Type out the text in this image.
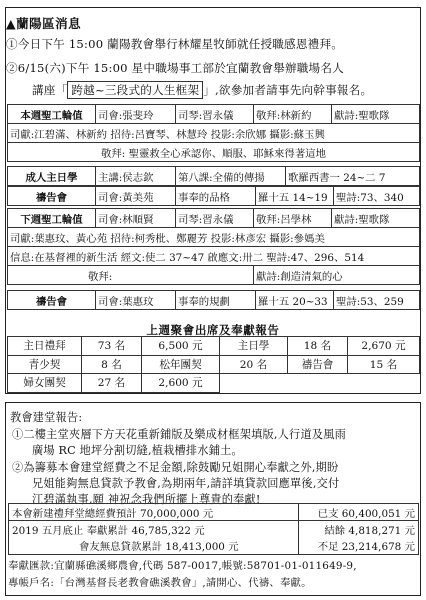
▲蘭陽區消息
①今日下午 15:00 蘭陽教會舉行林耀星牧師就任授職感恩禮拜。
②6/15(六)下午 15:00 星中職場事工部於宜蘭教會舉辦職場名人
講座「 跨越~三段式的人生框架 」,欲參加者請事先向幹事報名。
本週聖工輪值	司會:張斐玲	司琴:習永儀	敬拜:林新約	獻詩:聖歌隊
司獻:江碧滿、林新約 招待:呂寶琴、林慧玲 投影:余欣娜 攝影:蘇玉興
敬拜: 聖靈救全心承認你、順服、耶穌來得著這地
成人主日學	主講:侯志欽	第八課:全備的傳揚	歌羅西書一 24~二 7
禱告會	司會:黃美苑	事奉的品格	羅十五 14~19	聖詩:73、340
下週聖工輪值	司會:林順賢	司琴:習永儀	敬拜:呂學林	獻詩:聖歌隊
司獻:葉惠玟、黃心苑 招待:柯秀枇、鄭麗芳 投影:林彥宏 攝影:參媽美				
信息:在基督裡的新生活 經文:使二 37~47 啟應文:卅二 聖詩:47、296、514				
敬拜:			獻詩:創造清氣的心	
禱告會	司會:葉惠玟	事奉的規劃	羅十五 20~33	聖詩:53、259
上週聚會出席及奉獻報告
主日禮拜	73 名	6,500 元	主日學	18 名	2,670 元
青少契	8 名	松年團契	20 名	禱告會	15 名
婦女團契	27 名	2,600 元			
教會建堂報告:
①二樓主堂夾層下方天花重新鋪版及樂成材框架填版,人行道及風雨
廣場 RC 地坪分割切縫,植栽槽排水鋪土。
②為籌募本會建堂經費之不足金額,除鼓勵兄姐開心奉獻之外,期盼
兄姐能夠無息貸款予教會,為期兩年,請詳填貸款回應單後,交付
江碧滿執事,願 神祝念我們所擺上尊貴的奉獻!
本會新建禮拜堂總經費預計 70,000,000 元	已支 60,400,051 元
2019 五月底止 奉獻累計 46,785,322 元	結餘 4,818,271 元
會友無息貸款累計 18,413,000 元	不足 23,214,678 元
奉獻匯款:宜蘭縣礁溪鄉農會,代碼 587-0017,帳號:58701-01-011649-9,
專帳戶名:「台灣基督長老教會礁溪教會」,請開心、代禱、奉獻。
